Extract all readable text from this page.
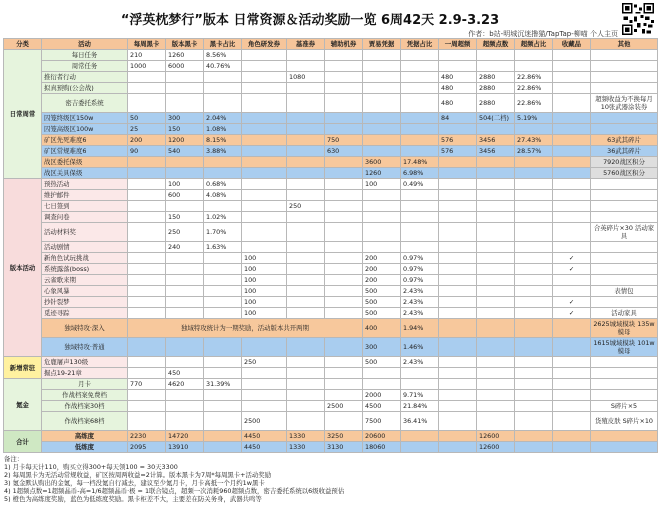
“浮英枕梦行”版本 日常资源＆活动奖励一览 6周42天 2.9-3.23
作者：b站-明城沉迷撸猫/TapTap-柳喵 个人主页
分类	活动	每周黑卡	版本黑卡	黑卡占比	角色研发券	基准券	辅助机券	贾易凭据	凭据占比	一周超频	超频点数	超频占比	收藏品	其他
日常周常	每日任务	210	1260	8.56%										
	周常任务	1000	6000	40.76%										
	推衍者行动					1080				480	2880	22.86%		
	拟真预购(公会战)									480	2880	22.86%		
	密吉委托系统									480	2880	22.86%		超频收益为不换每月10张武器涂装券
	囚笼终级区150w	50	300	2.04%						84	504(二档)	5.19%		
	囚笼高级区100w	25	150	1.08%										
	矿区先死难度6	200	1200	8.15%			750			576	3456	27.43%		63武其碎片
	矿区常规难度6	90	540	3.88%			630			576	3456	28.57%		36武其碎片
	战区委托保级							3600	17.48%					7920战区积分
	战区关具保级							1260	6.98%					5760战区积分
版本活动	预热活动		100	0.68%				100	0.49%					
	维护邮件		600	4.08%										
	七日签到					250								
	调查问卷		150	1.02%										
	活动材料奖		250	1.70%										合英碎片×30 活动家具
	活动剧情		240	1.63%										
	新角色试玩挑战				100			200	0.97%				✓	
	系统露落(boss)				100			200	0.97%				✓	
	云雀歌来期				100			200	0.97%					
	心象风暴				100			500	2.43%					表情包
	抄针裂梦				100			500	2.43%				✓	
	觅迹寻踪				100			500	2.43%				✓	活动家具
	独域特攻·深入	独域特攻统计为一期奖励，活动版本共开两期						400	1.94%					2625城域模块 135w模母
	独域特攻·普通							300	1.46%					1615城域模块 101w模母
新增常驻	危鹿屠声130级				250			500	2.43%					
	掘点19-21章		450											
氪金	月卡	770	4620	31.39%										
	作战档案免费档							2000	9.71%					
	作战档案30档						2500	4500	21.84%					S碎片×5
	作战档案68档				2500			7500	36.41%					货殖皮肤 S碎片×10
合计	高练度	2230	14720		4450	1330	3250	20600			12600			
	低练度	2095	13910		4450	1330	3130	18060			12600			
备注：
1) 月卡每天计110，购买立得300+每天领100 = 30天3300
2) 每周黑卡为无活动常规收益，矿区按周两收益=2计算。版本黑卡为7周*每周黑卡+活动奖励
3) 氪金默认购出的金氪，每一档没氪自行减去，建议至少氪月卡，月卡高抵一个月约1w黑卡
4) 1超频点数=1超频晶币-高=1/6超频晶币·极 = 1联合镜点，超频一次消耗960超频点数，密吉委托系统以6级收益预估
5) 橙色为高练度奖励，蓝色为低练度奖励。黑卡柜差不大，主要差在防关务身，武器共鸣等
